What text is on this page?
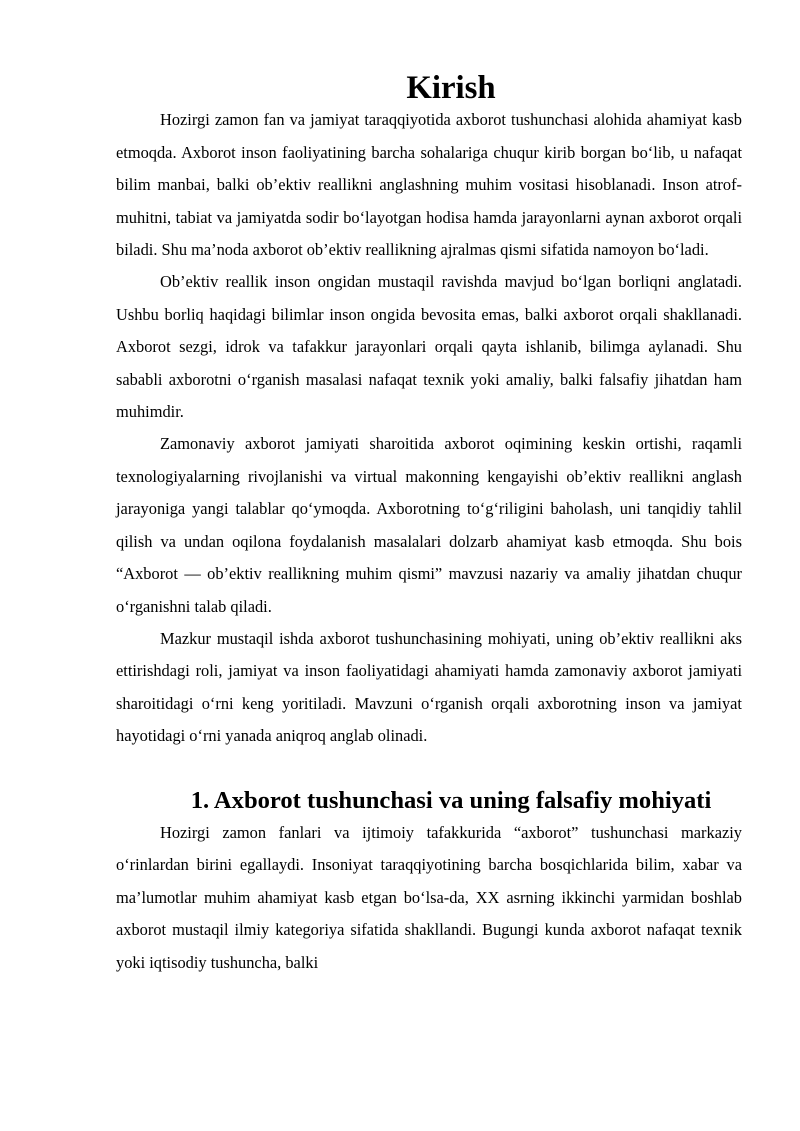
Kirish

Hozirgi zamon fan va jamiyat taraqqiyotida axborot tushunchasi alohida ahamiyat kasb etmoqda. Axborot inson faoliyatining barcha sohalariga chuqur kirib borgan bo‘lib, u nafaqat bilim manbai, balki ob’ektiv reallikni anglashning muhim vositasi hisoblanadi. Inson atrof-muhitni, tabiat va jamiyatda sodir bo‘layotgan hodisa hamda jarayonlarni aynan axborot orqali biladi. Shu ma’noda axborot ob’ektiv reallikning ajralmas qismi sifatida namoyon bo‘ladi.

Ob’ektiv reallik inson ongidan mustaqil ravishda mavjud bo‘lgan borliqni anglatadi. Ushbu borliq haqidagi bilimlar inson ongida bevosita emas, balki axborot orqali shakllanadi. Axborot sezgi, idrok va tafakkur jarayonlari orqali qayta ishlanib, bilimga aylanadi. Shu sababli axborotni o‘rganish masalasi nafaqat texnik yoki amaliy, balki falsafiy jihatdan ham muhimdir.

Zamonaviy axborot jamiyati sharoitida axborot oqimining keskin ortishi, raqamli texnologiyalarning rivojlanishi va virtual makonning kengayishi ob’ektiv reallikni anglash jarayoniga yangi talablar qo‘ymoqda. Axborotning to‘g‘riligini baholash, uni tanqidiy tahlil qilish va undan oqilona foydalanish masalalari dolzarb ahamiyat kasb etmoqda. Shu bois “Axborot — ob’ektiv reallikning muhim qismi” mavzusi nazariy va amaliy jihatdan chuqur o‘rganishni talab qiladi.

Mazkur mustaqil ishda axborot tushunchasining mohiyati, uning ob’ektiv reallikni aks ettirishdagi roli, jamiyat va inson faoliyatidagi ahamiyati hamda zamonaviy axborot jamiyati sharoitidagi o‘rni keng yoritiladi. Mavzuni o‘rganish orqali axborotning inson va jamiyat hayotidagi o‘rni yanada aniqroq anglab olinadi.

1. Axborot tushunchasi va uning falsafiy mohiyati

Hozirgi zamon fanlari va ijtimoiy tafakkurida “axborot” tushunchasi markaziy o‘rinlardan birini egallaydi. Insoniyat taraqqiyotining barcha bosqichlarida bilim, xabar va ma’lumotlar muhim ahamiyat kasb etgan bo‘lsa-da, XX asrning ikkinchi yarmidan boshlab axborot mustaqil ilmiy kategoriya sifatida shakllandi. Bugungi kunda axborot nafaqat texnik yoki iqtisodiy tushuncha, balki
